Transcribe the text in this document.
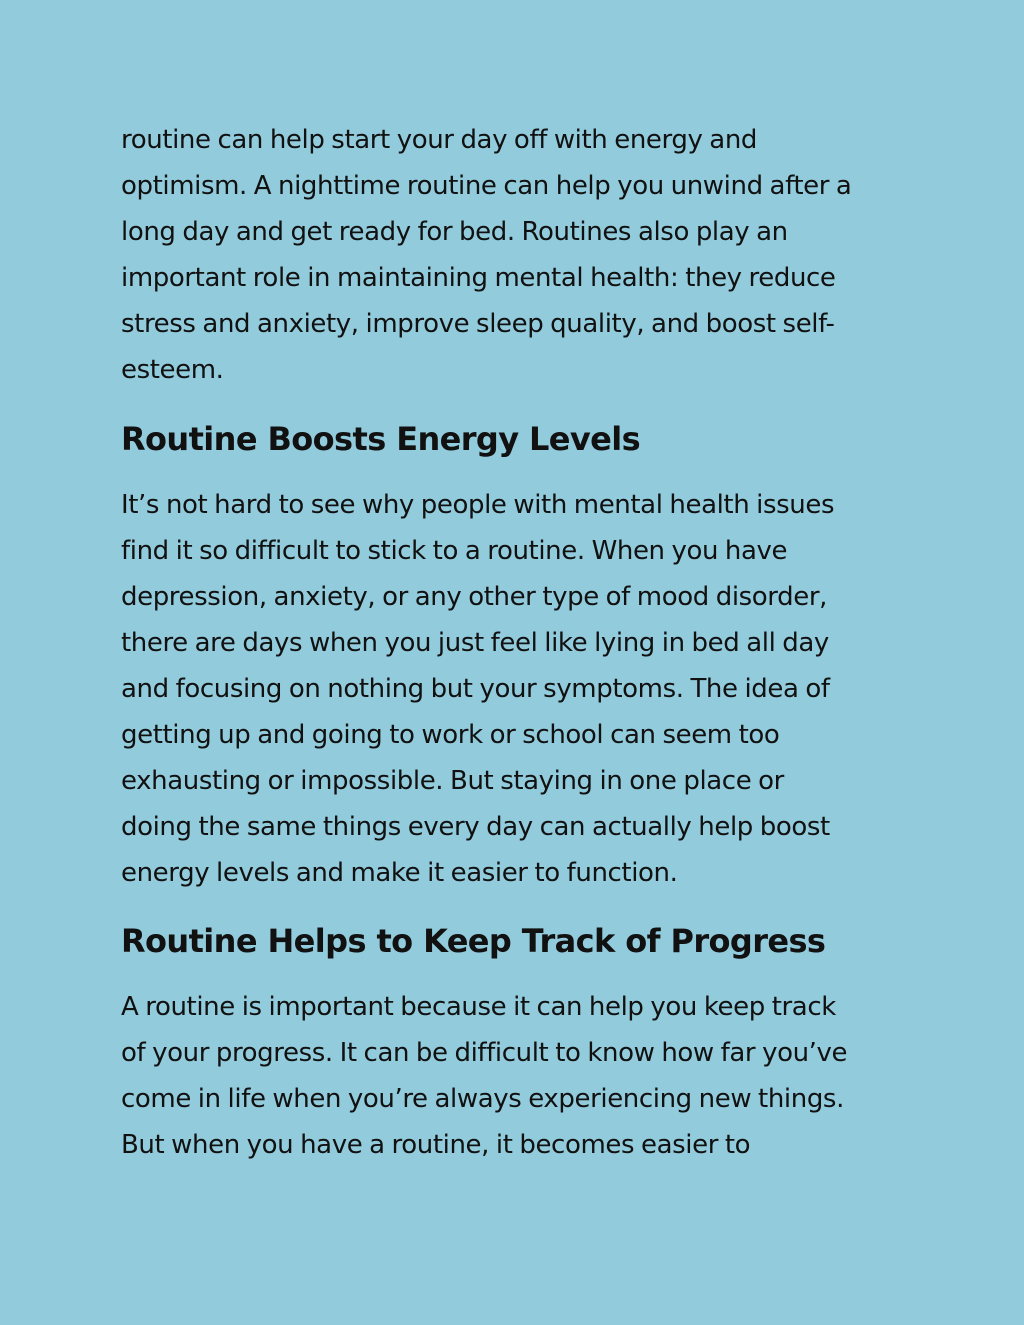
routine can help start your day off with energy and
optimism. A nighttime routine can help you unwind after a
long day and get ready for bed. Routines also play an
important role in maintaining mental health: they reduce
stress and anxiety, improve sleep quality, and boost self-
esteem.

Routine Boosts Energy Levels

It’s not hard to see why people with mental health issues
find it so difficult to stick to a routine. When you have
depression, anxiety, or any other type of mood disorder,
there are days when you just feel like lying in bed all day
and focusing on nothing but your symptoms. The idea of
getting up and going to work or school can seem too
exhausting or impossible. But staying in one place or
doing the same things every day can actually help boost
energy levels and make it easier to function.

Routine Helps to Keep Track of Progress

A routine is important because it can help you keep track
of your progress. It can be difficult to know how far you’ve
come in life when you’re always experiencing new things.
But when you have a routine, it becomes easier to
